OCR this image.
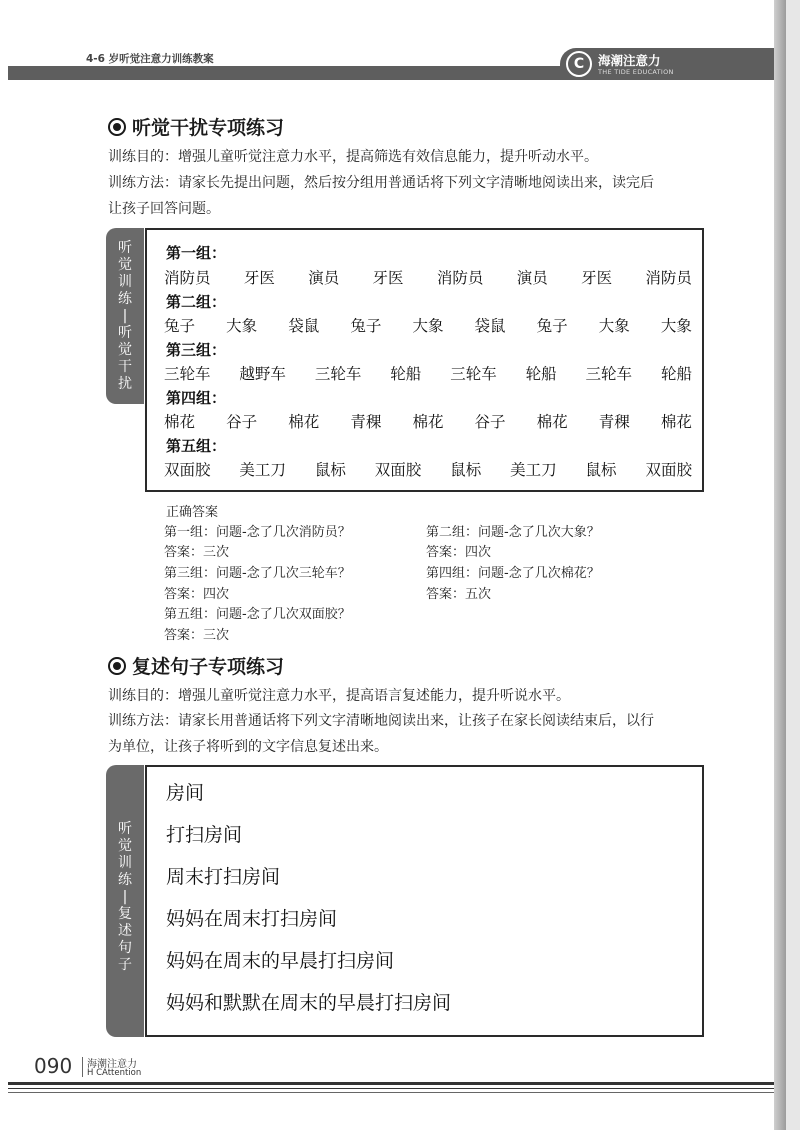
4-6 岁听觉注意力训练教案	C	海潮注意力
THE TIDE EDUCATION
听觉干扰专项练习
训练目的：增强儿童听觉注意力水平，提高筛选有效信息能力，提升听动水平。
训练方法：请家长先提出问题，然后按分组用普通话将下列文字清晰地阅读出来，读完后
让孩子回答问题。
听
觉
训
练
|
听
觉
干
扰
第一组：
消防员 牙医 演员 牙医 消防员 演员 牙医 消防员
第二组：
兔子 大象 袋鼠 兔子 大象 袋鼠 兔子 大象 大象
第三组：
三轮车 越野车 三轮车 轮船 三轮车 轮船 三轮车 轮船
第四组：
棉花 谷子 棉花 青稞 棉花 谷子 棉花 青稞 棉花
第五组：
双面胶 美工刀 鼠标 双面胶 鼠标 美工刀 鼠标 双面胶
正确答案
第一组：问题-念了几次消防员？	第二组：问题-念了几次大象？
答案：三次	答案：四次
第三组：问题-念了几次三轮车？	第四组：问题-念了几次棉花？
答案：四次	答案：五次
第五组：问题-念了几次双面胶？
答案：三次
复述句子专项练习
训练目的：增强儿童听觉注意力水平，提高语言复述能力，提升听说水平。
训练方法：请家长用普通话将下列文字清晰地阅读出来，让孩子在家长阅读结束后，以行
为单位，让孩子将听到的文字信息复述出来。
听
觉
训
练
|
复
述
句
子
房间
打扫房间
周末打扫房间
妈妈在周末打扫房间
妈妈在周末的早晨打扫房间
妈妈和默默在周末的早晨打扫房间
090 海潮注意力
H CAttention
